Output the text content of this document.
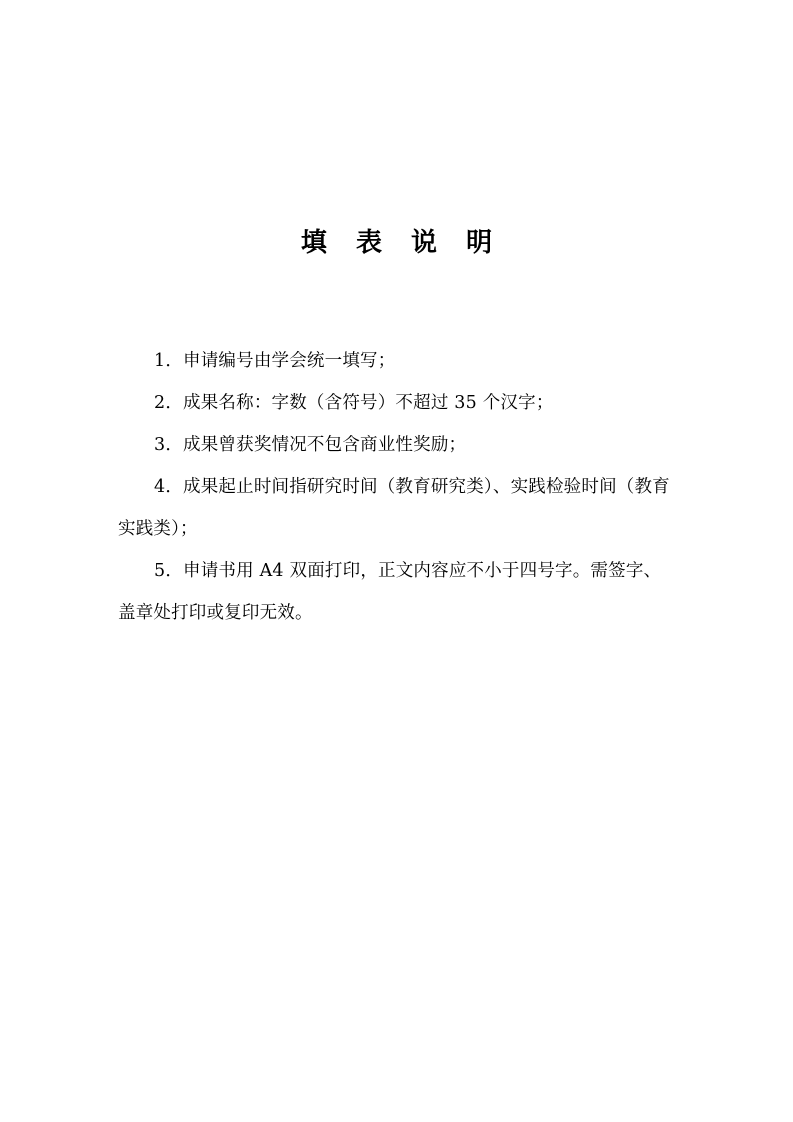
填 表 说 明

1．申请编号由学会统一填写；

2．成果名称：字数（含符号）不超过 35 个汉字；

3．成果曾获奖情况不包含商业性奖励；

4．成果起止时间指研究时间（教育研究类）、实践检验时间（教育实践类）；

5．申请书用 A4 双面打印，正文内容应不小于四号字。需签字、盖章处打印或复印无效。
